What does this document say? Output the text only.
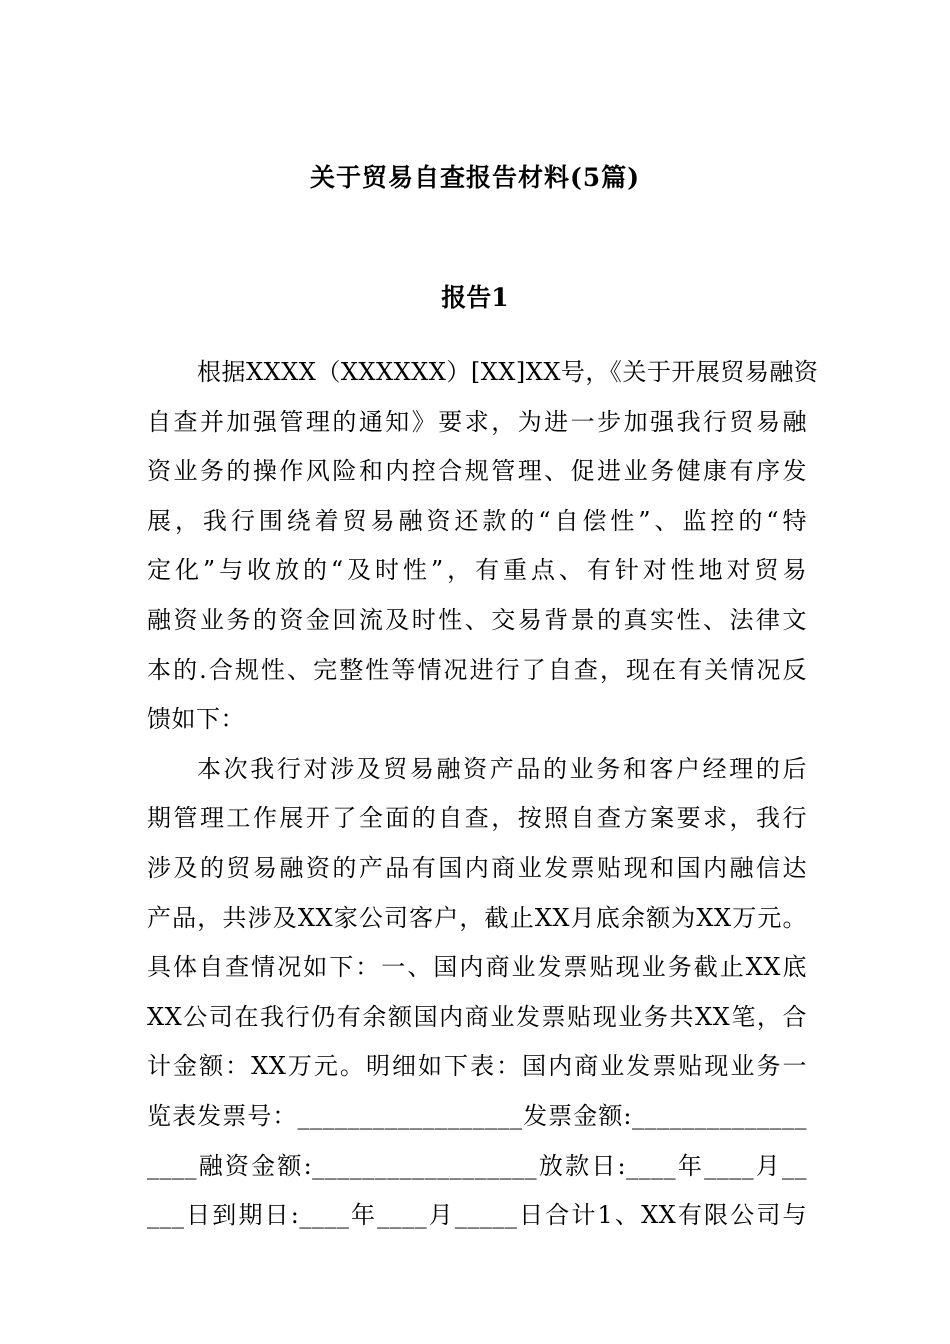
关于贸易自查报告材料(5篇)
报告1
根据XXXX（XXXXXX）[XX]XX号，《关于开展贸易融资
自查并加强管理的通知》要求，为进一步加强我行贸易融
资业务的操作风险和内控合规管理、促进业务健康有序发
展，我行围绕着贸易融资还款的“自偿性”、监控的“特
定化”与收放的“及时性”，有重点、有针对性地对贸易
融资业务的资金回流及时性、交易背景的真实性、法律文
本的.合规性、完整性等情况进行了自查，现在有关情况反
馈如下：
本次我行对涉及贸易融资产品的业务和客户经理的后
期管理工作展开了全面的自查，按照自查方案要求，我行
涉及的贸易融资的产品有国内商业发票贴现和国内融信达
产品，共涉及XX家公司客户，截止XX月底余额为XX万元。
具体自查情况如下：一、国内商业发票贴现业务截止XX底
XX公司在我行仍有余额国内商业发票贴现业务共XX笔，合
计金额：XX万元。明细如下表：国内商业发票贴现业务一
览表发票号：__________________发票金额:______________
____融资金额:__________________放款日:____年____月__
___日到期日:____年____月_____日合计1、XX有限公司与
